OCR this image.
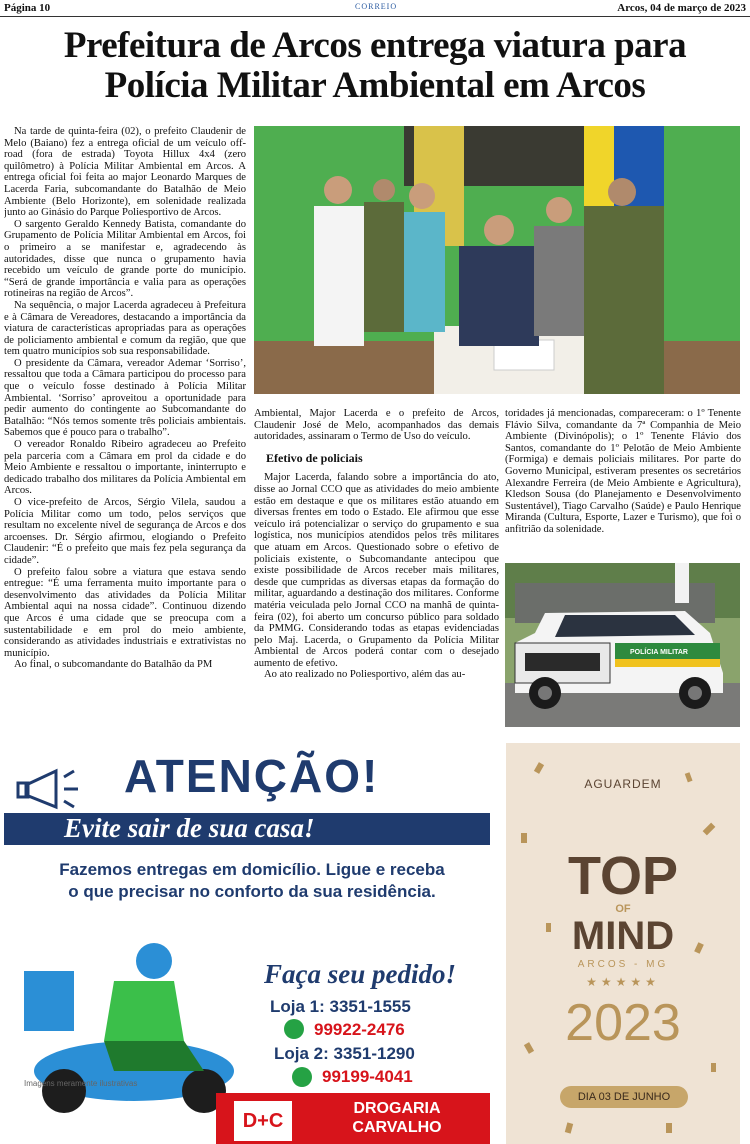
Página 10	CORREIO	Arcos, 04 de março de 2023
Prefeitura de Arcos entrega viatura para Polícia Militar Ambiental em Arcos

Na tarde de quinta-feira (02), o prefeito Claudenir de Melo (Baiano) fez a entrega oficial de um veículo off-road (fora de estrada) Toyota Hillux 4x4 (zero quilômetro) à Polícia Militar Ambiental em Arcos. A entrega oficial foi feita ao major Leonardo Marques de Lacerda Faria, subcomandante do Batalhão de Meio Ambiente (Belo Horizonte), em solenidade realizada junto ao Ginásio do Parque Poliesportivo de Arcos.

O sargento Geraldo Kennedy Batista, comandante do Grupamento de Polícia Militar Ambiental em Arcos, foi o primeiro a se manifestar e, agradecendo às autoridades, disse que nunca o grupamento havia recebido um veículo de grande porte do município. “Será de grande importância e valia para as operações rotineiras na região de Arcos”.

Na sequência, o major Lacerda agradeceu à Prefeitura e à Câmara de Vereadores, destacando a importância da viatura de características apropriadas para as operações de policiamento ambiental e comum da região, que que tem quatro municípios sob sua responsabilidade.

O presidente da Câmara, vereador Ademar ‘Sorriso’, ressaltou que toda a Câmara participou do processo para que o veículo fosse destinado à Polícia Militar Ambiental. ‘Sorriso’ aproveitou a oportunidade para pedir aumento do contingente ao Subcomandante do Batalhão: “Nós temos somente três policiais ambientais. Sabemos que é pouco para o trabalho”.

O vereador Ronaldo Ribeiro agradeceu ao Prefeito pela parceria com a Câmara em prol da cidade e do Meio Ambiente e ressaltou o importante, ininterrupto e dedicado trabalho dos militares da Polícia Ambiental em Arcos.

O vice-prefeito de Arcos, Sérgio Vilela, saudou a Polícia Militar como um todo, pelos serviços que resultam no excelente nível de segurança de Arcos e dos arcoenses. Dr. Sérgio afirmou, elogiando o Prefeito Claudenir: “É o prefeito que mais fez pela segurança da cidade”.

O prefeito falou sobre a viatura que estava sendo entregue: “É uma ferramenta muito importante para o desenvolvimento das atividades da Polícia Militar Ambiental aqui na nossa cidade”. Continuou dizendo que Arcos é uma cidade que se preocupa com a sustentabilidade e em prol do meio ambiente, considerando as atividades industriais e extrativistas no município.

Ao final, o subcomandante do Batalhão da PM

Ambiental, Major Lacerda e o prefeito de Arcos, Claudenir José de Melo, acompanhados das demais autoridades, assinaram o Termo de Uso do veículo.

Efetivo de policiais

Major Lacerda, falando sobre a importância do ato, disse ao Jornal CCO que as atividades do meio ambiente estão em destaque e que os militares estão atuando em diversas frentes em todo o Estado. Ele afirmou que esse veículo irá potencializar o serviço do grupamento e sua logística, nos municípios atendidos pelos três militares que atuam em Arcos. Questionado sobre o efetivo de policiais existente, o Subcomandante antecipou que existe possibilidade de Arcos receber mais militares, desde que cumpridas as diversas etapas da formação do militar, aguardando a destinação dos militares. Conforme matéria veiculada pelo Jornal CCO na manhã de quinta-feira (02), foi aberto um concurso público para soldado da PMMG. Considerando todas as etapas evidenciadas pelo Maj. Lacerda, o Grupamento da Polícia Militar Ambiental de Arcos poderá contar com o desejado aumento de efetivo.

Ao ato realizado no Poliesportivo, além das au-

toridades já mencionadas, compareceram: o 1º Tenente Flávio Silva, comandante da 7ª Companhia de Meio Ambiente (Divinópolis); o 1º Tenente Flávio dos Santos, comandante do 1º Pelotão de Meio Ambiente (Formiga) e demais policiais militares. Por parte do Governo Municipal, estiveram presentes os secretários Alexandre Ferreira (de Meio Ambiente e Agricultura), Kledson Sousa (do Planejamento e Desenvolvimento Sustentável), Tiago Carvalho (Saúde) e Paulo Henrique Miranda (Cultura, Esporte, Lazer e Turismo), que foi o anfitrião da solenidade.

POLÍCIA MILITAR
ATENÇÃO!
Evite sair de sua casa!
Fazemos entregas em domicílio. Ligue e receba
o que precisar no conforto da sua residência.
Faça seu pedido!
Loja 1: 3351-1555
99922-2476
Loja 2: 3351-1290
99199-4041
Imagens meramente ilustrativas
D+C
DROGARIA
CARVALHO
AGUARDEM
TOP
OF
MIND
ARCOS - MG
★★★★★
2023
DIA 03 DE JUNHO
